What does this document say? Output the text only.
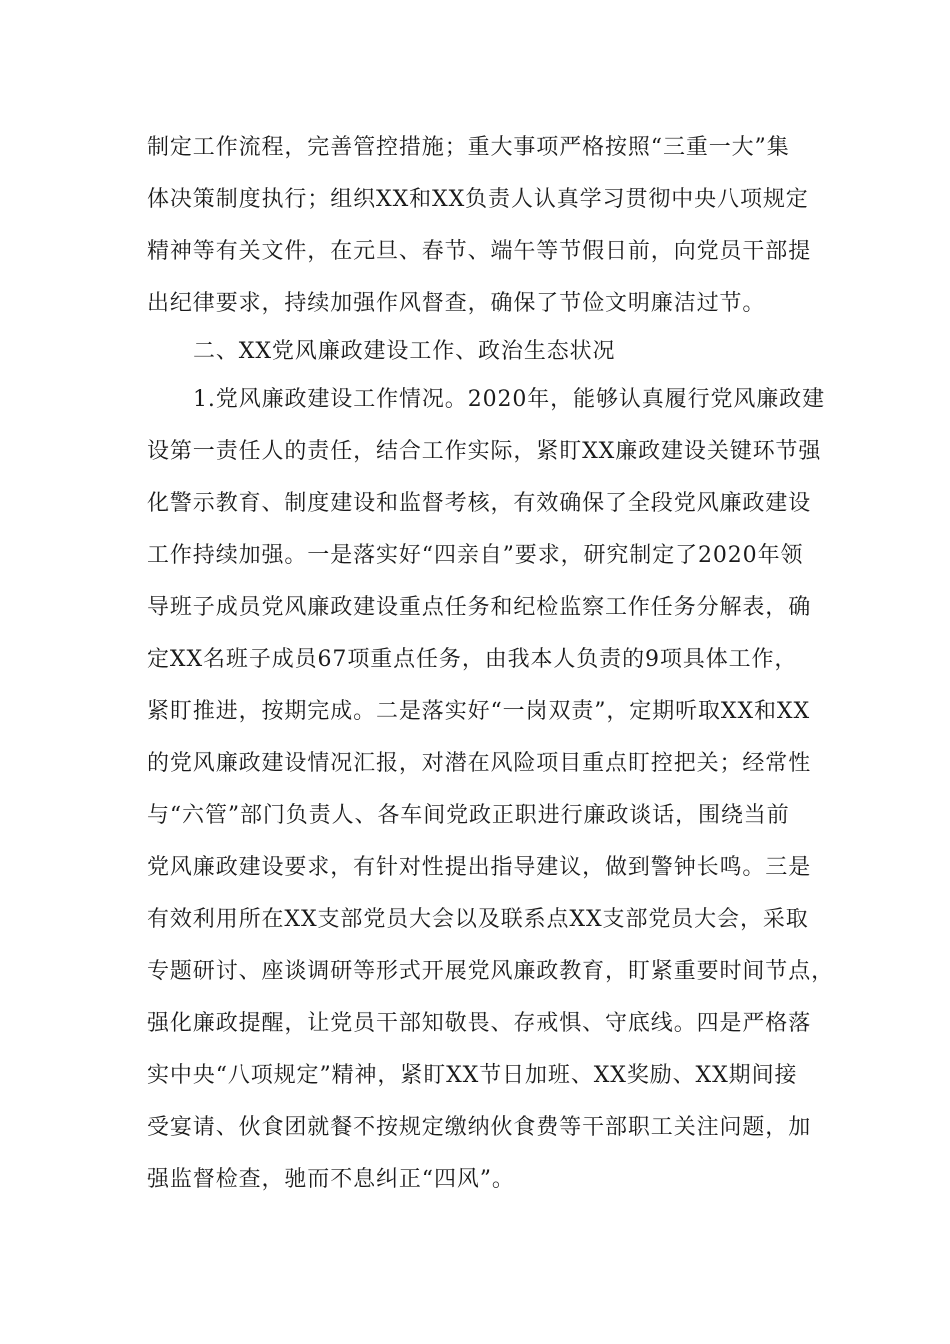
制定工作流程，完善管控措施；重大事项严格按照“三重一大”集
体决策制度执行；组织XX和XX负责人认真学习贯彻中央八项规定
精神等有关文件，在元旦、春节、端午等节假日前，向党员干部提
出纪律要求，持续加强作风督查，确保了节俭文明廉洁过节。
二、XX党风廉政建设工作、政治生态状况
1.党风廉政建设工作情况。2020年，能够认真履行党风廉政建
设第一责任人的责任，结合工作实际，紧盯XX廉政建设关键环节强
化警示教育、制度建设和监督考核，有效确保了全段党风廉政建设
工作持续加强。一是落实好“四亲自”要求，研究制定了2020年领
导班子成员党风廉政建设重点任务和纪检监察工作任务分解表，确
定XX名班子成员67项重点任务，由我本人负责的9项具体工作，
紧盯推进，按期完成。二是落实好“一岗双责”，定期听取XX和XX
的党风廉政建设情况汇报，对潜在风险项目重点盯控把关；经常性
与“六管”部门负责人、各车间党政正职进行廉政谈话，围绕当前
党风廉政建设要求，有针对性提出指导建议，做到警钟长鸣。三是
有效利用所在XX支部党员大会以及联系点XX支部党员大会，采取
专题研讨、座谈调研等形式开展党风廉政教育，盯紧重要时间节点，
强化廉政提醒，让党员干部知敬畏、存戒惧、守底线。四是严格落
实中央“八项规定”精神，紧盯XX节日加班、XX奖励、XX期间接
受宴请、伙食团就餐不按规定缴纳伙食费等干部职工关注问题，加
强监督检查，驰而不息纠正“四风”。
